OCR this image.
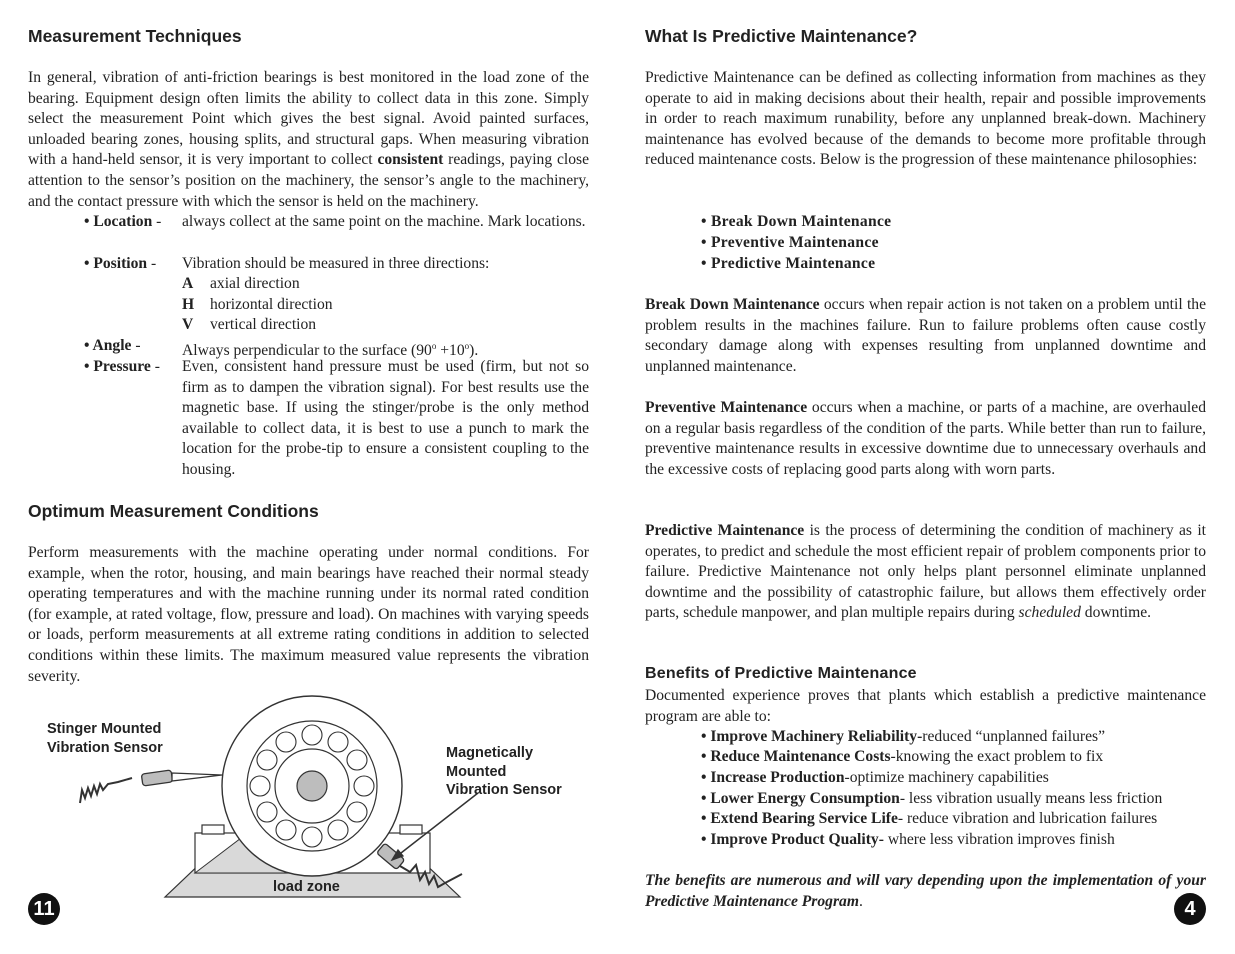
Measurement Techniques
In general, vibration of anti-friction bearings is best monitored in the load zone of the bearing. Equipment design often limits the ability to collect data in this zone. Simply select the measurement Point which gives the best signal. Avoid painted surfaces, unloaded bearing zones, housing splits, and structural gaps. When measuring vibration with a hand-held sensor, it is very important to collect consistent readings, paying close attention to the sensor’s position on the machinery, the sensor’s angle to the machinery, and the contact pressure with which the sensor is held on the machinery.
• Location - always collect at the same point on the machine. Mark locations.
• Position - Vibration should be measured in three directions:
A axial direction
H horizontal direction
V vertical direction
• Angle -	Always perpendicular to the surface $(90^o +10^o)$.
• Pressure - Even, consistent hand pressure must be used (firm, but not so firm as to dampen the vibration signal). For best results use the magnetic base. If using the stinger/probe is the only method available to collect data, it is best to use a punch to mark the location for the probe-tip to ensure a consistent coupling to the housing.
Optimum Measurement Conditions
Perform measurements with the machine operating under normal conditions. For example, when the rotor, housing, and main bearings have reached their normal steady operating temperatures and with the machine running under its normal rated condition (for example, at rated voltage, flow, pressure and load). On machines with varying speeds or loads, perform measurements at all extreme rating conditions in addition to selected conditions within these limits. The maximum measured value represents the vibration severity.
Stinger Mounted
Vibration Sensor	Magnetically
Mounted
Vibration Sensor
load zone
11
What Is Predictive Maintenance?
Predictive Maintenance can be defined as collecting information from machines as they operate to aid in making decisions about their health, repair and possible improvements in order to reach maximum runability, before any unplanned break-down. Machinery maintenance has evolved because of the demands to become more profitable through reduced maintenance costs. Below is the progression of these maintenance philosophies:
• Break Down Maintenance
• Preventive Maintenance
• Predictive Maintenance
Break Down Maintenance occurs when repair action is not taken on a problem until the problem results in the machines failure. Run to failure problems often cause costly secondary damage along with expenses resulting from unplanned downtime and unplanned maintenance.
Preventive Maintenance occurs when a machine, or parts of a machine, are overhauled on a regular basis regardless of the condition of the parts. While better than run to failure, preventive maintenance results in excessive downtime due to unnecessary overhauls and the excessive costs of replacing good parts along with worn parts.
Predictive Maintenance is the process of determining the condition of machinery as it operates, to predict and schedule the most efficient repair of problem components prior to failure. Predictive Maintenance not only helps plant personnel eliminate unplanned downtime and the possibility of catastrophic failure, but allows them effectively order parts, schedule manpower, and plan multiple repairs during scheduled downtime.
Benefits of Predictive Maintenance
Documented experience proves that plants which establish a predictive maintenance program are able to:
• Improve Machinery Reliability-reduced “unplanned failures”
• Reduce Maintenance Costs-knowing the exact problem to fix
• Increase Production-optimize machinery capabilities
• Lower Energy Consumption- less vibration usually means less friction
• Extend Bearing Service Life- reduce vibration and lubrication failures
• Improve Product Quality- where less vibration improves finish
The benefits are numerous and will vary depending upon the implementation of your Predictive Maintenance Program.	4
